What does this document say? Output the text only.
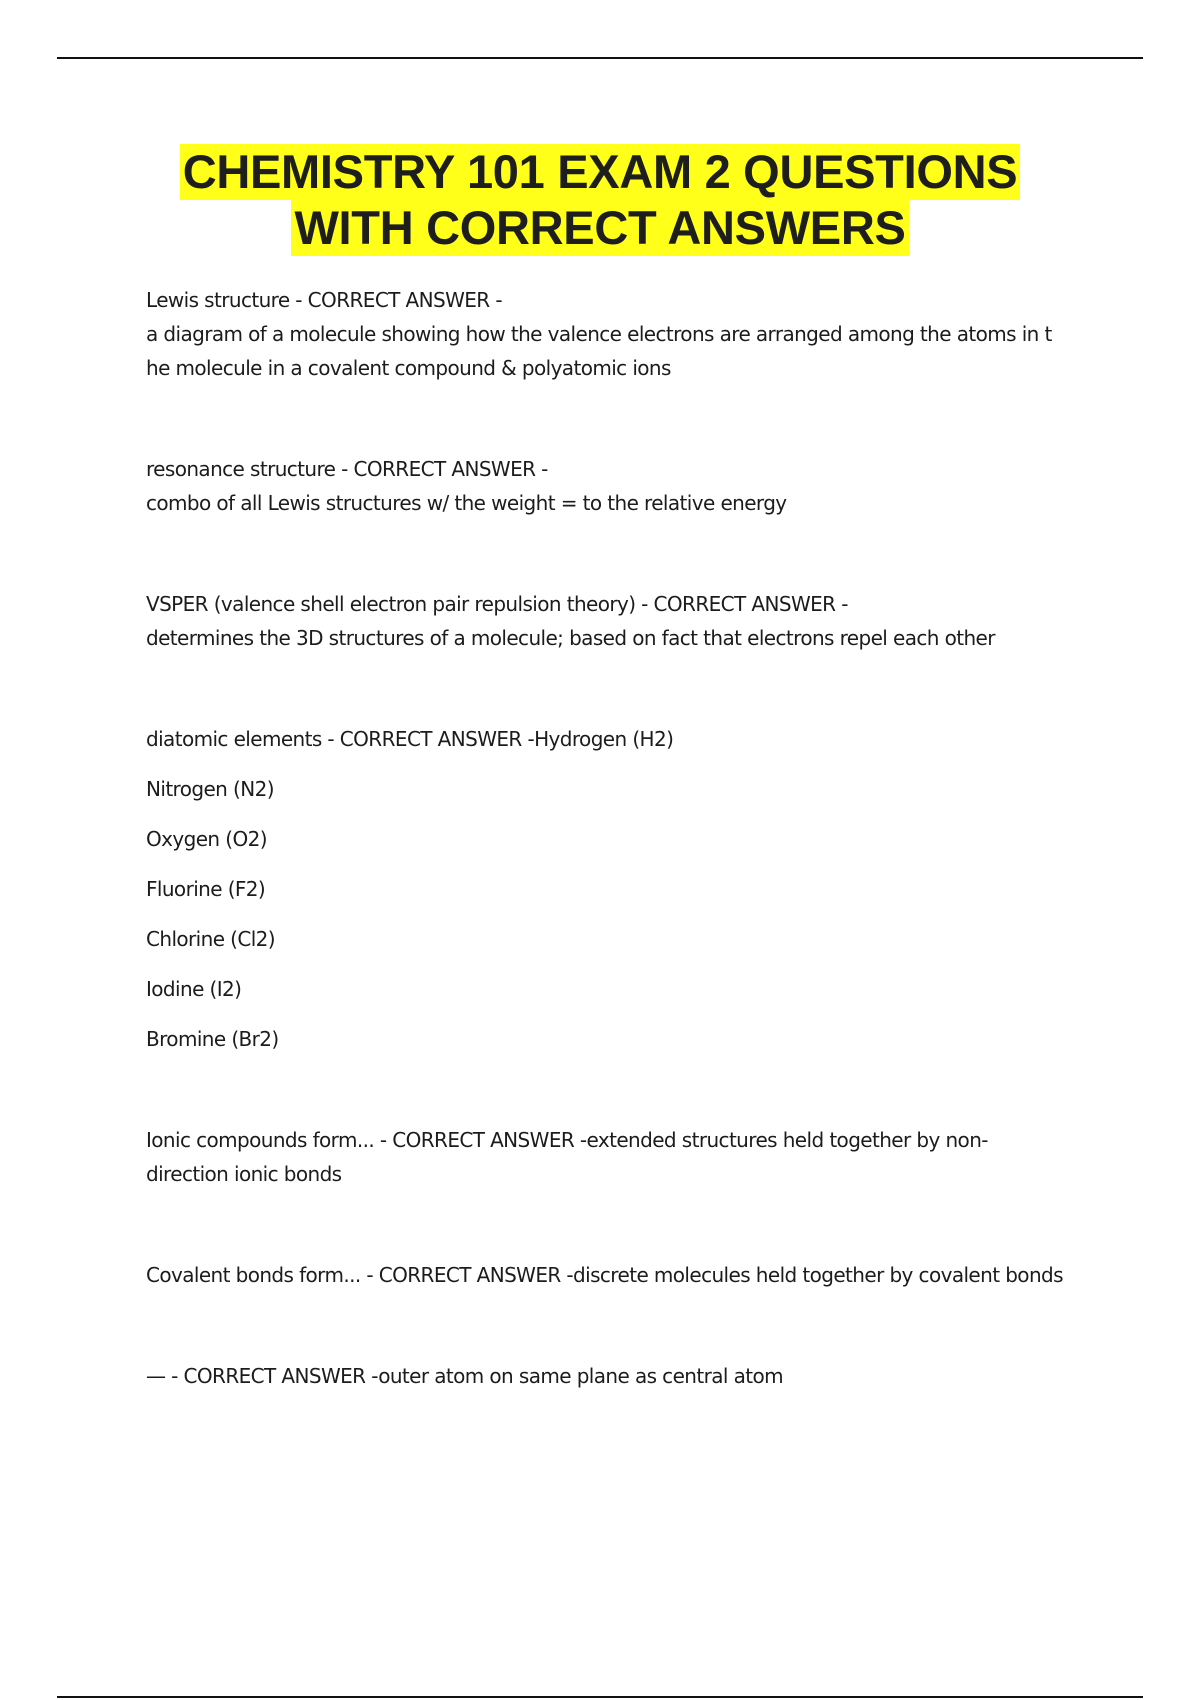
CHEMISTRY 101 EXAM 2 QUESTIONS
WITH CORRECT ANSWERS

Lewis structure - CORRECT ANSWER -

a diagram of a molecule showing how the valence electrons are arranged among the atoms in t

he molecule in a covalent compound & polyatomic ions

resonance structure - CORRECT ANSWER -

combo of all Lewis structures w/ the weight = to the relative energy

VSPER (valence shell electron pair repulsion theory) - CORRECT ANSWER -

determines the 3D structures of a molecule; based on fact that electrons repel each other

diatomic elements - CORRECT ANSWER -Hydrogen (H2)

Nitrogen (N2)

Oxygen (O2)

Fluorine (F2)

Chlorine (Cl2)

Iodine (I2)

Bromine (Br2)

Ionic compounds form... - CORRECT ANSWER -extended structures held together by non-

direction ionic bonds

Covalent bonds form... - CORRECT ANSWER -discrete molecules held together by covalent bonds

— - CORRECT ANSWER -outer atom on same plane as central atom
